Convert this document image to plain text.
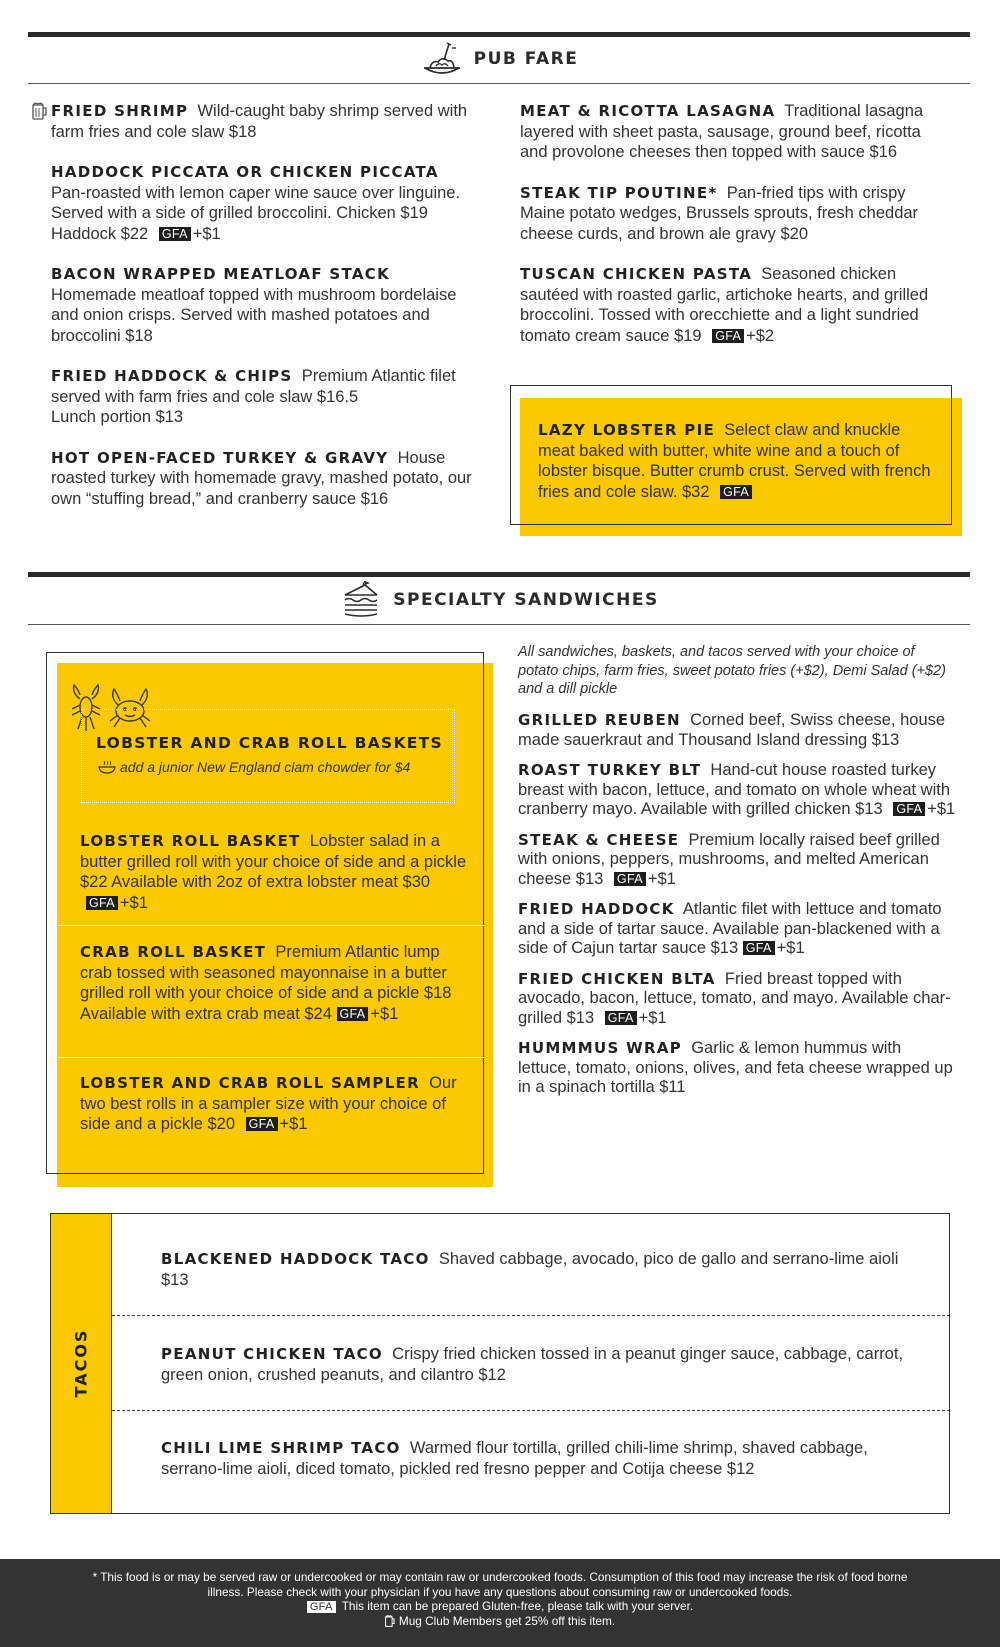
PUB FARE
FRIED SHRIMP Wild-caught baby shrimp served with farm fries and cole slaw $18
HADDOCK PICCATA OR CHICKEN PICCATA
Pan-roasted with lemon caper wine sauce over linguine. Served with a side of grilled broccolini. Chicken $19 Haddock $22 GFA +$1
BACON WRAPPED MEATLOAF STACK
Homemade meatloaf topped with mushroom bordelaise and onion crisps. Served with mashed potatoes and broccolini $18
FRIED HADDOCK & CHIPS Premium Atlantic filet served with farm fries and cole slaw $16.5
Lunch portion $13
HOT OPEN-FACED TURKEY & GRAVY House roasted turkey with homemade gravy, mashed potato, our own “stuffing bread,” and cranberry sauce $16
MEAT & RICOTTA LASAGNA Traditional lasagna layered with sheet pasta, sausage, ground beef, ricotta and provolone cheeses then topped with sauce $16
STEAK TIP POUTINE* Pan-fried tips with crispy Maine potato wedges, Brussels sprouts, fresh cheddar cheese curds, and brown ale gravy $20
TUSCAN CHICKEN PASTA Seasoned chicken sautéed with roasted garlic, artichoke hearts, and grilled broccolini. Tossed with orecchiette and a light sundried tomato cream sauce $19 GFA +$2
LAZY LOBSTER PIE Select claw and knuckle meat baked with butter, white wine and a touch of lobster bisque. Butter crumb crust. Served with french fries and cole slaw. $32 GFA
SPECIALTY SANDWICHES
LOBSTER AND CRAB ROLL BASKETS
add a junior New England clam chowder for $4
LOBSTER ROLL BASKET Lobster salad in a butter grilled roll with your choice of side and a pickle $22 Available with 2oz of extra lobster meat $30 GFA +$1
CRAB ROLL BASKET Premium Atlantic lump crab tossed with seasoned mayonnaise in a butter grilled roll with your choice of side and a pickle $18 Available with extra crab meat $24 GFA +$1
LOBSTER AND CRAB ROLL SAMPLER Our two best rolls in a sampler size with your choice of side and a pickle $20 GFA +$1
All sandwiches, baskets, and tacos served with your choice of potato chips, farm fries, sweet potato fries (+$2), Demi Salad (+$2) and a dill pickle
GRILLED REUBEN Corned beef, Swiss cheese, house made sauerkraut and Thousand Island dressing $13
ROAST TURKEY BLT Hand-cut house roasted turkey breast with bacon, lettuce, and tomato on whole wheat with cranberry mayo. Available with grilled chicken $13 GFA +$1
STEAK & CHEESE Premium locally raised beef grilled with onions, peppers, mushrooms, and melted American cheese $13 GFA +$1
FRIED HADDOCK Atlantic filet with lettuce and tomato and a side of tartar sauce. Available pan-blackened with a side of Cajun tartar sauce $13 GFA +$1
FRIED CHICKEN BLTA Fried breast topped with avocado, bacon, lettuce, tomato, and mayo. Available char-grilled $13 GFA +$1
HUMMMUS WRAP Garlic & lemon hummus with lettuce, tomato, onions, olives, and feta cheese wrapped up in a spinach tortilla $11
TACOS
BLACKENED HADDOCK TACO Shaved cabbage, avocado, pico de gallo and serrano-lime aioli $13
PEANUT CHICKEN TACO Crispy fried chicken tossed in a peanut ginger sauce, cabbage, carrot, green onion, crushed peanuts, and cilantro $12
CHILI LIME SHRIMP TACO Warmed flour tortilla, grilled chili-lime shrimp, shaved cabbage, serrano-lime aioli, diced tomato, pickled red fresno pepper and Cotija cheese $12
* This food is or may be served raw or undercooked or may contain raw or undercooked foods. Consumption of this food may increase the risk of food borne
illness. Please check with your physician if you have any questions about consuming raw or undercooked foods.
GFA This item can be prepared Gluten-free, please talk with your server.
Mug Club Members get 25% off this item.
